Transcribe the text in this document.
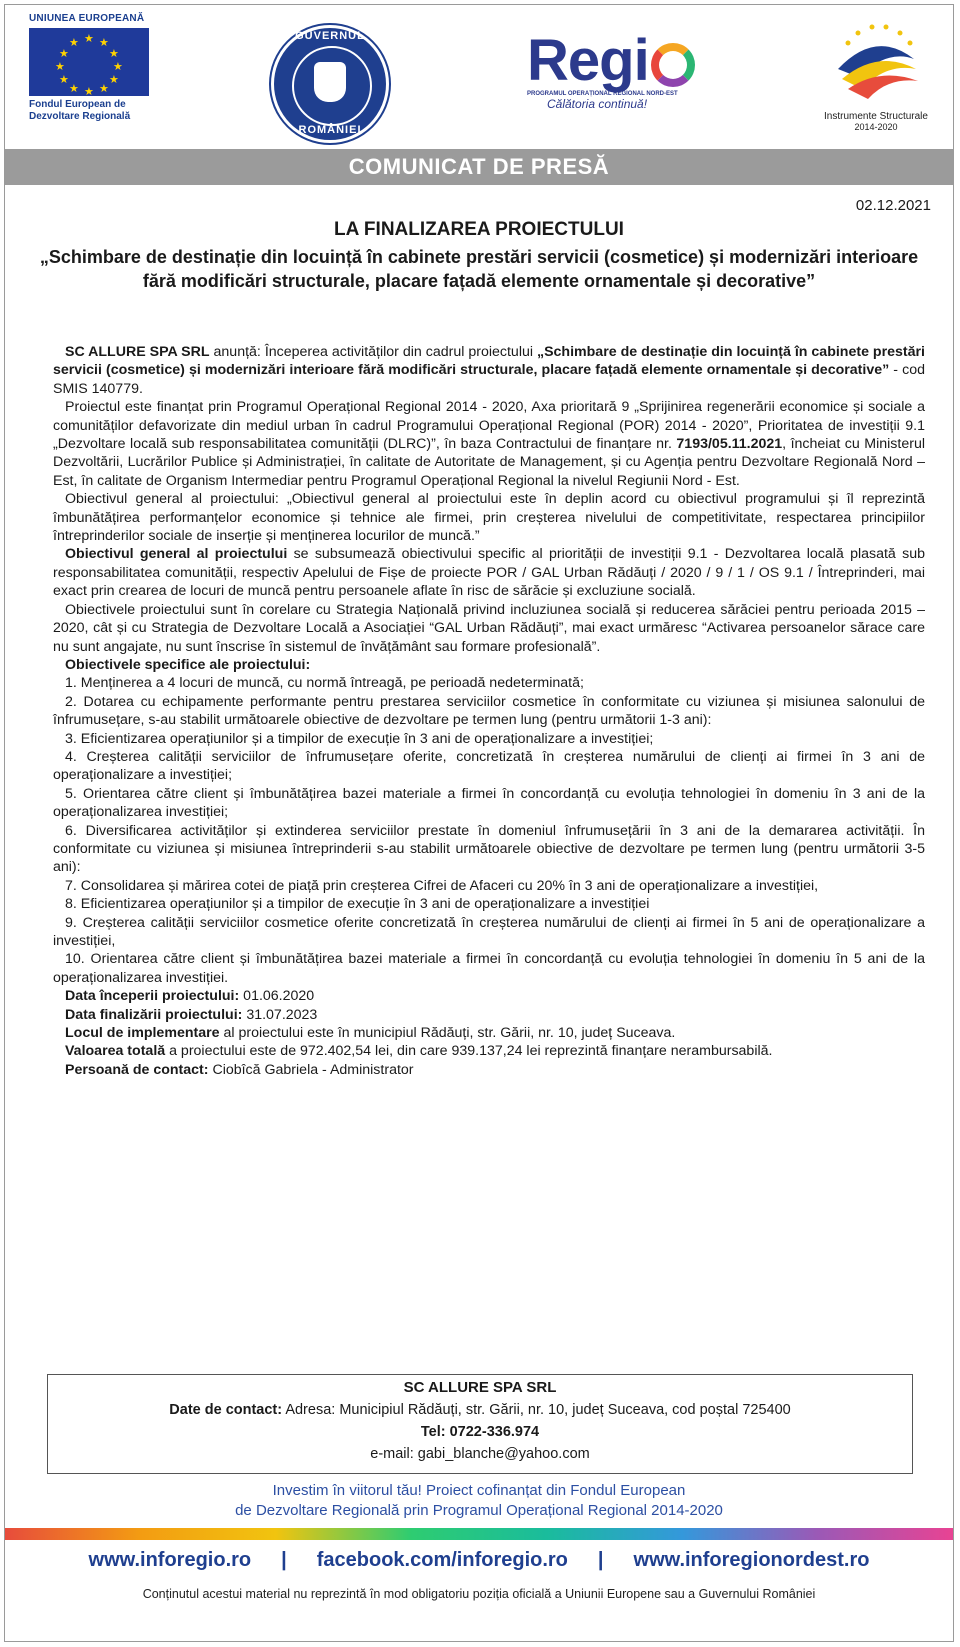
UNIUNEA EUROPEANĂ
★ ★
★
★
★
★
★
★
★
★
★
★
Fondul European de Dezvoltare Regională
GUVERNUL
ROMÂNIEI
Regi
PROGRAMUL OPERAȚIONAL REGIONAL NORD-EST
Călătoria continuă!
Instrumente Structurale
2014-2020
COMUNICAT DE PRESĂ
02.12.2021
LA FINALIZAREA PROIECTULUI
„Schimbare de destinație din locuință în cabinete prestări servicii (cosmetice) și modernizări interioare fără modificări structurale, placare fațadă elemente ornamentale și decorative”

SC ALLURE SPA SRL anunță: Începerea activităților din cadrul proiectului „Schimbare de destinație din locuință în cabinete prestări servicii (cosmetice) și modernizări interioare fără modificări structurale, placare fațadă elemente ornamentale și decorative” - cod SMIS 140779.

Proiectul este finanțat prin Programul Operațional Regional 2014 - 2020, Axa prioritară 9 „Sprijinirea regenerării economice și sociale a comunităților defavorizate din mediul urban în cadrul Programului Operațional Regional (POR) 2014 - 2020”, Prioritatea de investiții 9.1 „Dezvoltare locală sub responsabilitatea comunității (DLRC)”, în baza Contractului de finanțare nr. 7193/05.11.2021, încheiat cu Ministerul Dezvoltării, Lucrărilor Publice și Administrației, în calitate de Autoritate de Management, și cu Agenția pentru Dezvoltare Regională Nord – Est, în calitate de Organism Intermediar pentru Programul Operațional Regional la nivelul Regiunii Nord - Est.

Obiectivul general al proiectului: „Obiectivul general al proiectului este în deplin acord cu obiectivul programului și îl reprezintă îmbunătățirea performanțelor economice și tehnice ale firmei, prin creșterea nivelului de competitivitate, respectarea principiilor întreprinderilor sociale de inserție și menținerea locurilor de muncă.”

Obiectivul general al proiectului se subsumează obiectivului specific al priorității de investiții 9.1 - Dezvoltarea locală plasată sub responsabilitatea comunității, respectiv Apelului de Fișe de proiecte POR / GAL Urban Rădăuți / 2020 / 9 / 1 / OS 9.1 / Întreprinderi, mai exact prin crearea de locuri de muncă pentru persoanele aflate în risc de sărăcie și excluziune socială.

Obiectivele proiectului sunt în corelare cu Strategia Națională privind incluziunea socială și reducerea sărăciei pentru perioada 2015 – 2020, cât și cu Strategia de Dezvoltare Locală a Asociației “GAL Urban Rădăuți”, mai exact urmăresc “Activarea persoanelor sărace care nu sunt angajate, nu sunt înscrise în sistemul de învățământ sau formare profesională”.

Obiectivele specifice ale proiectului:

1. Menținerea a 4 locuri de muncă, cu normă întreagă, pe perioadă nedeterminată;

2. Dotarea cu echipamente performante pentru prestarea serviciilor cosmetice în conformitate cu viziunea și misiunea salonului de înfrumusețare, s-au stabilit următoarele obiective de dezvoltare pe termen lung (pentru următorii 1-3 ani):

3. Eficientizarea operațiunilor și a timpilor de execuție în 3 ani de operaționalizare a investiției;

4. Creșterea calității serviciilor de înfrumusețare oferite, concretizată în creșterea numărului de clienți ai firmei în 3 ani de operaționalizare a investiției;

5. Orientarea către client și îmbunătățirea bazei materiale a firmei în concordanță cu evoluția tehnologiei în domeniu în 3 ani de la operaționalizarea investiției;

6. Diversificarea activităților și extinderea serviciilor prestate în domeniul înfrumusețării în 3 ani de la demararea activității. În conformitate cu viziunea și misiunea întreprinderii s-au stabilit următoarele obiective de dezvoltare pe termen lung (pentru următorii 3-5 ani):

7. Consolidarea și mărirea cotei de piață prin creșterea Cifrei de Afaceri cu 20% în 3 ani de operaționalizare a investiției,

8. Eficientizarea operațiunilor și a timpilor de execuție în 3 ani de operaționalizare a investiției

9. Creșterea calității serviciilor cosmetice oferite concretizată în creșterea numărului de clienți ai firmei în 5 ani de operaționalizare a investiției,

10. Orientarea către client și îmbunătățirea bazei materiale a firmei în concordanță cu evoluția tehnologiei în domeniu în 5 ani de la operaționalizarea investiției.

Data începerii proiectului: 01.06.2020

Data finalizării proiectului: 31.07.2023

Locul de implementare al proiectului este în municipiul Rădăuți, str. Gării, nr. 10, județ Suceava.

Valoarea totală a proiectului este de 972.402,54 lei, din care 939.137,24 lei reprezintă finanțare nerambursabilă.

Persoană de contact: Ciobîcă Gabriela - Administrator

SC ALLURE SPA SRL
Date de contact: Adresa: Municipiul Rădăuți, str. Gării, nr. 10, județ Suceava, cod poștal 725400
Tel: 0722-336.974
e-mail: gabi_blanche@yahoo.com
Investim în viitorul tău! Proiect cofinanțat din Fondul European
de Dezvoltare Regională prin Programul Operațional Regional 2014-2020
www.inforegio.ro | facebook.com/inforegio.ro | www.inforegionordest.ro
Conținutul acestui material nu reprezintă în mod obligatoriu poziția oficială a Uniunii Europene sau a Guvernului României
